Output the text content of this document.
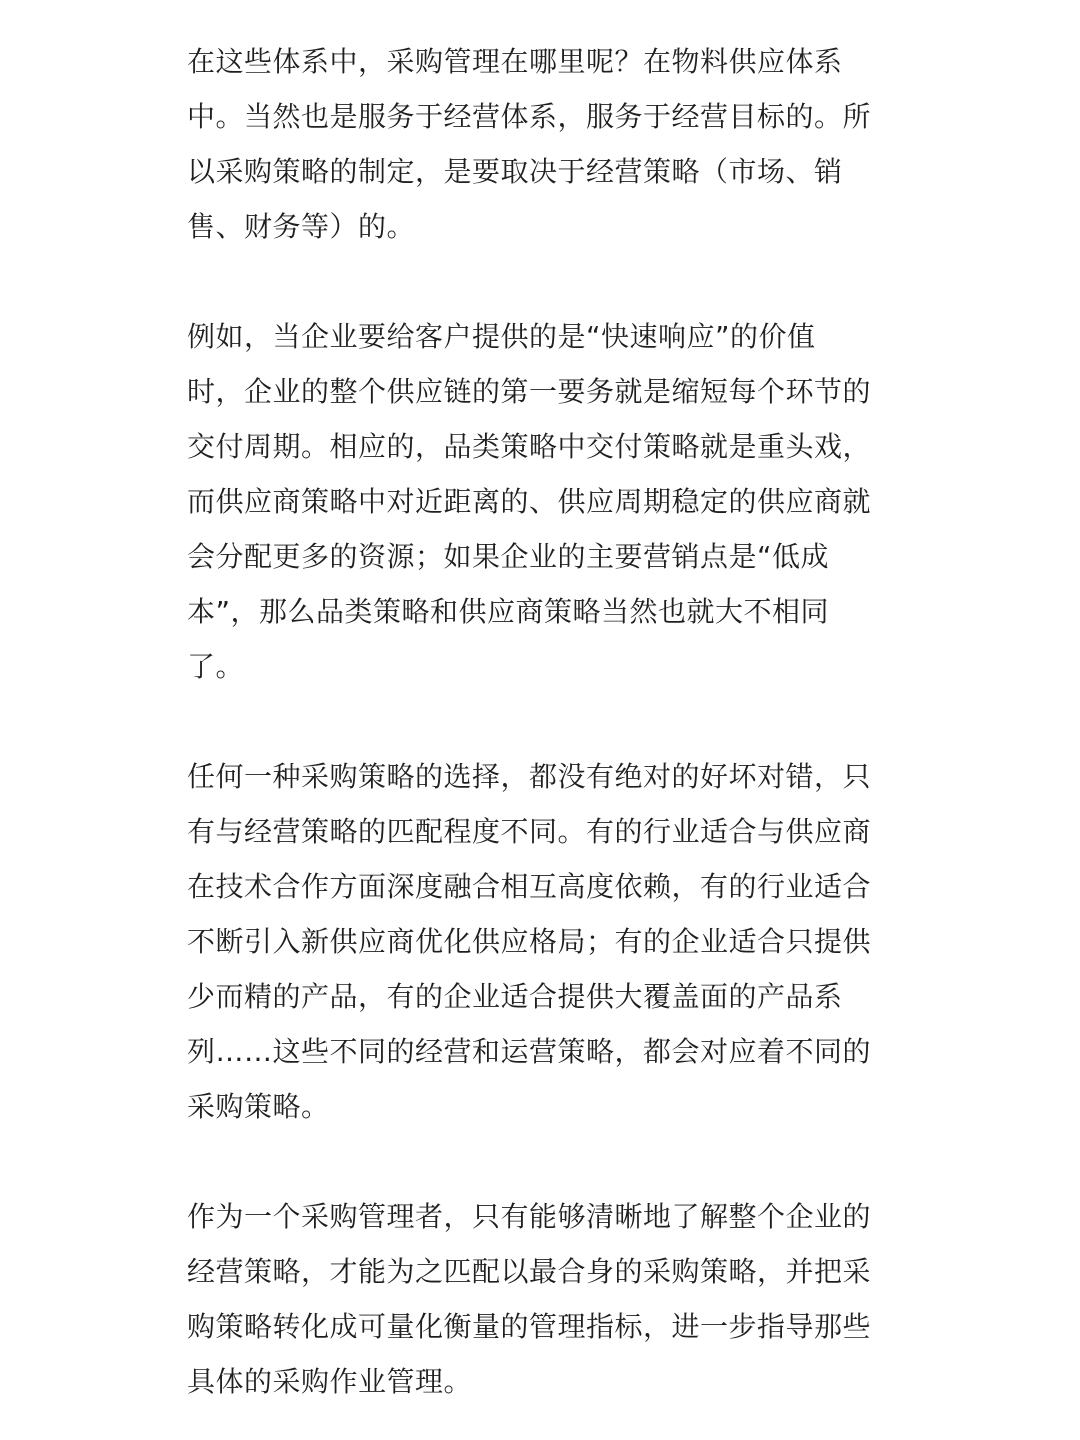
在这些体系中，采购管理在哪里呢？在物料供应体系
中。当然也是服务于经营体系，服务于经营目标的。所
以采购策略的制定，是要取决于经营策略（市场、销
售、财务等）的。

例如，当企业要给客户提供的是“快速响应”的价值
时，企业的整个供应链的第一要务就是缩短每个环节的
交付周期。相应的，品类策略中交付策略就是重头戏，
而供应商策略中对近距离的、供应周期稳定的供应商就
会分配更多的资源；如果企业的主要营销点是“低成
本”，那么品类策略和供应商策略当然也就大不相同
了。

任何一种采购策略的选择，都没有绝对的好坏对错，只
有与经营策略的匹配程度不同。有的行业适合与供应商
在技术合作方面深度融合相互高度依赖，有的行业适合
不断引入新供应商优化供应格局；有的企业适合只提供
少而精的产品，有的企业适合提供大覆盖面的产品系
列……这些不同的经营和运营策略，都会对应着不同的
采购策略。

作为一个采购管理者，只有能够清晰地了解整个企业的
经营策略，才能为之匹配以最合身的采购策略，并把采
购策略转化成可量化衡量的管理指标，进一步指导那些
具体的采购作业管理。
